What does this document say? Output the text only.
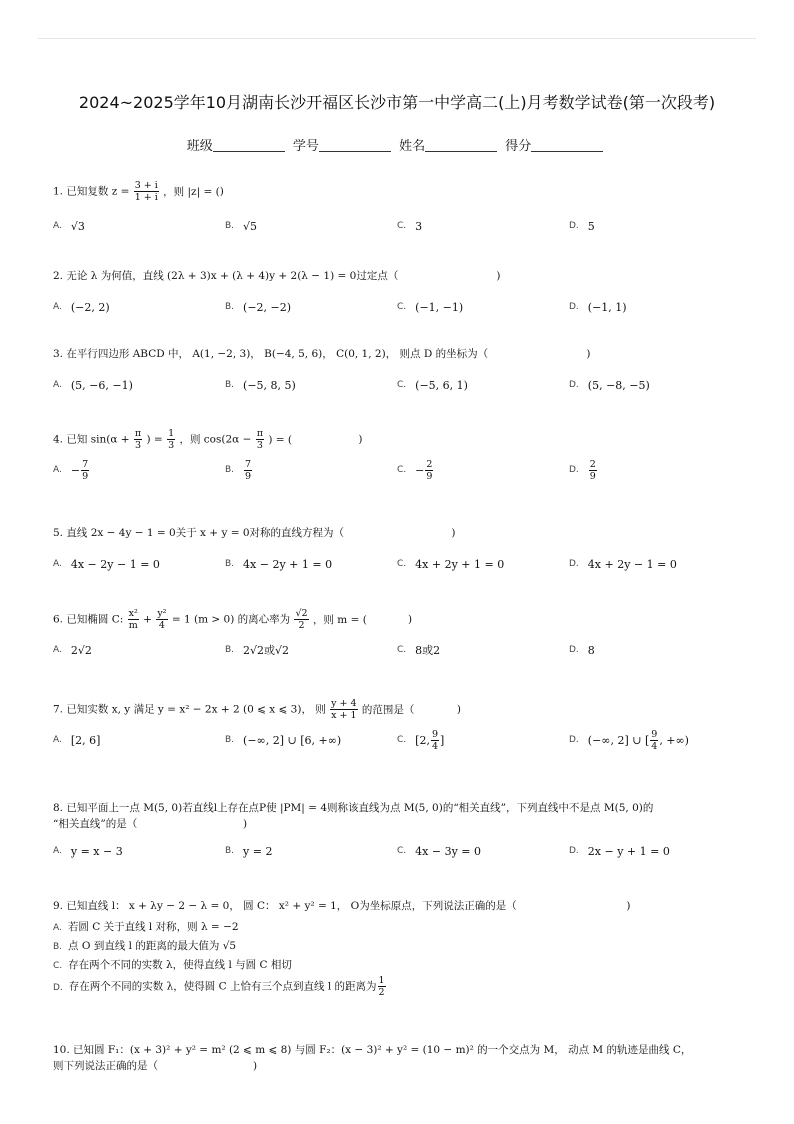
2024~2025学年10月湖南长沙开福区长沙市第一中学高二(上)月考数学试卷(第一次段考)
班级	学号	姓名	得分
1. 已知复数 $z = \frac{3 + i}{1 + i}$ ，则 |z| = ()
A. √3	B. √5	C. 3	D. 5
2. 无论 λ 为何值，直线 (2λ + 3)x + (λ + 4)y + 2(λ − 1) = 0过定点（	)
A. (−2, 2)	B. (−2, −2)	C. (−1, −1)	D. (−1, 1)
3. 在平行四边形 ABCD 中， A(1, −2, 3)， B(−4, 5, 6)， C(0, 1, 2)， 则点 D 的坐标为（	)
A. (5, −6, −1)	B. (−5, 8, 5)	C. (−5, 6, 1)	D. (5, −8, −5)
4. 已知 $\sin(\alpha + \frac{\pi}{3}$ ) = $\frac{1}{3}$ ，则 $\cos(2\alpha - \frac{\pi}{3}$ ) = (	)
A. − $\frac{7}{9}$	B. $\frac{7}{9}$	C. − $\frac{2}{9}$	D. $\frac{2}{9}$
5. 直线 2x − 4y − 1 = 0关于 x + y = 0对称的直线方程为（	)
A. 4x − 2y − 1 = 0	B. 4x − 2y + 1 = 0	C. 4x + 2y + 1 = 0	D. 4x + 2y − 1 = 0
6. 已知椭圆 C: $\frac{\text{x²}}{m} + \frac{\text{y²}}{4} = 1$ (m > 0) 的离心率为 $\frac{√2}{2}$ ，则 m = (	)
A. 2√2	B. 2√2或√2	C. 8或2	D. 8
7. 已知实数 x, y 满足 y = x² − 2x + 2 (0 ⩽ x ⩽ 3)， 则 $\frac{y + 4}{x + 1}$ 的范围是（	)
A. [2, 6]	B. (−∞, 2] ∪ [6, +∞)	C. [2, $\frac{9}{4}$ ]	D. (−∞, 2] ∪ [ $\frac{9}{4}$ , +∞)
8. 已知平面上一点 M(5, 0)若直线l上存在点P使 |PM| = 4则称该直线为点 M(5, 0)的“相关直线”，下列直线中不是点 M(5, 0)的
“相关直线”的是（	)
A. y = x − 3	B. y = 2	C. 4x − 3y = 0	D. 2x − y + 1 = 0
9. 已知直线 l： x + λy − 2 − λ = 0， 圆 C： x² + y² = 1， O为坐标原点，下列说法正确的是（	)
A. 若圆 C 关于直线 l 对称，则 λ = −2
B. 点 O 到直线 l 的距离的最大值为 √5
C. 存在两个不同的实数 λ，使得直线 l 与圆 C 相切
D. 存在两个不同的实数 λ，使得圆 C 上恰有三个点到直线 l 的距离为 $\frac{1}{2}$
10. 已知圆 F₁：(x + 3)² + y² = m² (2 ⩽ m ⩽ 8) 与圆 F₂：(x − 3)² + y² = (10 − m)² 的一个交点为 M， 动点 M 的轨迹是曲线 C，
则下列说法正确的是（	)
